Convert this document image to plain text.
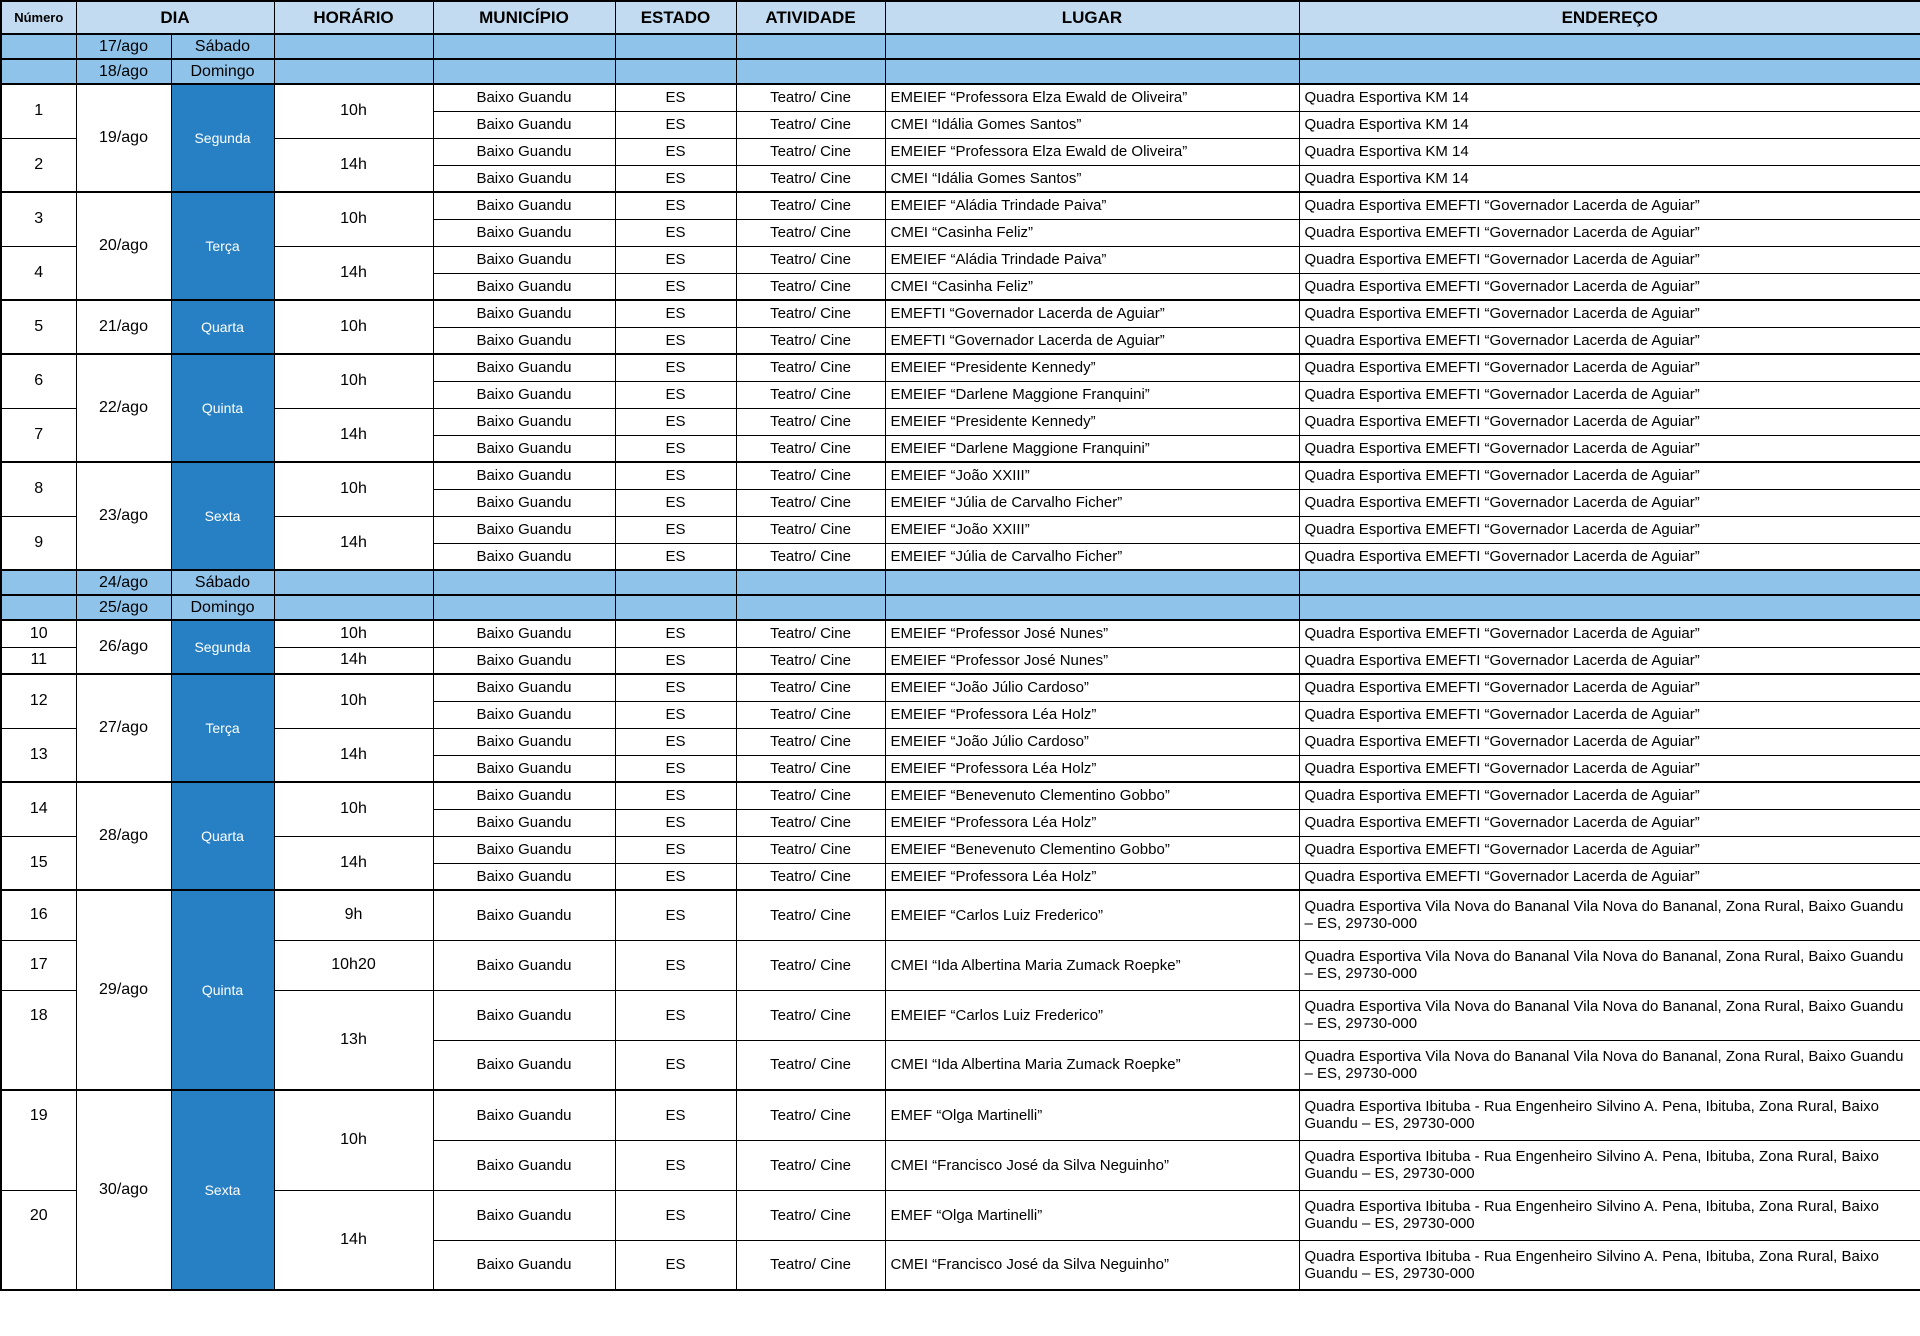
Número	DIA		HORÁRIO	MUNICÍPIO	ESTADO	ATIVIDADE	LUGAR	ENDEREÇO
	17/ago	Sábado						
	18/ago	Domingo						
1	19/ago	Segunda	10h	Baixo Guandu	ES	Teatro/ Cine	EMEIEF “Professora Elza Ewald de Oliveira”	Quadra Esportiva KM 14
				Baixo Guandu	ES	Teatro/ Cine	CMEI “Idália Gomes Santos”	Quadra Esportiva KM 14
2			14h	Baixo Guandu	ES	Teatro/ Cine	EMEIEF “Professora Elza Ewald de Oliveira”	Quadra Esportiva KM 14
				Baixo Guandu	ES	Teatro/ Cine	CMEI “Idália Gomes Santos”	Quadra Esportiva KM 14
3	20/ago	Terça	10h	Baixo Guandu	ES	Teatro/ Cine	EMEIEF “Aládia Trindade Paiva”	Quadra Esportiva EMEFTI “Governador Lacerda de Aguiar”
				Baixo Guandu	ES	Teatro/ Cine	CMEI “Casinha Feliz”	Quadra Esportiva EMEFTI “Governador Lacerda de Aguiar”
4			14h	Baixo Guandu	ES	Teatro/ Cine	EMEIEF “Aládia Trindade Paiva”	Quadra Esportiva EMEFTI “Governador Lacerda de Aguiar”
				Baixo Guandu	ES	Teatro/ Cine	CMEI “Casinha Feliz”	Quadra Esportiva EMEFTI “Governador Lacerda de Aguiar”
5	21/ago	Quarta	10h	Baixo Guandu	ES	Teatro/ Cine	EMEFTI “Governador Lacerda de Aguiar”	Quadra Esportiva EMEFTI “Governador Lacerda de Aguiar”
				Baixo Guandu	ES	Teatro/ Cine	EMEFTI “Governador Lacerda de Aguiar”	Quadra Esportiva EMEFTI “Governador Lacerda de Aguiar”
6	22/ago	Quinta	10h	Baixo Guandu	ES	Teatro/ Cine	EMEIEF “Presidente Kennedy”	Quadra Esportiva EMEFTI “Governador Lacerda de Aguiar”
				Baixo Guandu	ES	Teatro/ Cine	EMEIEF “Darlene Maggione Franquini”	Quadra Esportiva EMEFTI “Governador Lacerda de Aguiar”
7			14h	Baixo Guandu	ES	Teatro/ Cine	EMEIEF “Presidente Kennedy”	Quadra Esportiva EMEFTI “Governador Lacerda de Aguiar”
				Baixo Guandu	ES	Teatro/ Cine	EMEIEF “Darlene Maggione Franquini”	Quadra Esportiva EMEFTI “Governador Lacerda de Aguiar”
8	23/ago	Sexta	10h	Baixo Guandu	ES	Teatro/ Cine	EMEIEF “João XXIII”	Quadra Esportiva EMEFTI “Governador Lacerda de Aguiar”
				Baixo Guandu	ES	Teatro/ Cine	EMEIEF “Júlia de Carvalho Ficher”	Quadra Esportiva EMEFTI “Governador Lacerda de Aguiar”
9			14h	Baixo Guandu	ES	Teatro/ Cine	EMEIEF “João XXIII”	Quadra Esportiva EMEFTI “Governador Lacerda de Aguiar”
				Baixo Guandu	ES	Teatro/ Cine	EMEIEF “Júlia de Carvalho Ficher”	Quadra Esportiva EMEFTI “Governador Lacerda de Aguiar”
	24/ago	Sábado						
	25/ago	Domingo						
10	26/ago	Segunda	10h	Baixo Guandu	ES	Teatro/ Cine	EMEIEF “Professor José Nunes”	Quadra Esportiva EMEFTI “Governador Lacerda de Aguiar”
11			14h	Baixo Guandu	ES	Teatro/ Cine	EMEIEF “Professor José Nunes”	Quadra Esportiva EMEFTI “Governador Lacerda de Aguiar”
12	27/ago	Terça	10h	Baixo Guandu	ES	Teatro/ Cine	EMEIEF “João Júlio Cardoso”	Quadra Esportiva EMEFTI “Governador Lacerda de Aguiar”
				Baixo Guandu	ES	Teatro/ Cine	EMEIEF “Professora Léa Holz”	Quadra Esportiva EMEFTI “Governador Lacerda de Aguiar”
13			14h	Baixo Guandu	ES	Teatro/ Cine	EMEIEF “João Júlio Cardoso”	Quadra Esportiva EMEFTI “Governador Lacerda de Aguiar”
				Baixo Guandu	ES	Teatro/ Cine	EMEIEF “Professora Léa Holz”	Quadra Esportiva EMEFTI “Governador Lacerda de Aguiar”
14	28/ago	Quarta	10h	Baixo Guandu	ES	Teatro/ Cine	EMEIEF “Benevenuto Clementino Gobbo”	Quadra Esportiva EMEFTI “Governador Lacerda de Aguiar”
				Baixo Guandu	ES	Teatro/ Cine	EMEIEF “Professora Léa Holz”	Quadra Esportiva EMEFTI “Governador Lacerda de Aguiar”
15			14h	Baixo Guandu	ES	Teatro/ Cine	EMEIEF “Benevenuto Clementino Gobbo”	Quadra Esportiva EMEFTI “Governador Lacerda de Aguiar”
				Baixo Guandu	ES	Teatro/ Cine	EMEIEF “Professora Léa Holz”	Quadra Esportiva EMEFTI “Governador Lacerda de Aguiar”
16	29/ago	Quinta	9h	Baixo Guandu	ES	Teatro/ Cine	EMEIEF “Carlos Luiz Frederico”	Quadra Esportiva Vila Nova do Bananal Vila Nova do Bananal, Zona Rural, Baixo Guandu – ES, 29730-000
17			10h20	Baixo Guandu	ES	Teatro/ Cine	CMEI “Ida Albertina Maria Zumack Roepke”	Quadra Esportiva Vila Nova do Bananal Vila Nova do Bananal, Zona Rural, Baixo Guandu – ES, 29730-000
18			13h	Baixo Guandu	ES	Teatro/ Cine	EMEIEF “Carlos Luiz Frederico”	Quadra Esportiva Vila Nova do Bananal Vila Nova do Bananal, Zona Rural, Baixo Guandu – ES, 29730-000
				Baixo Guandu	ES	Teatro/ Cine	CMEI “Ida Albertina Maria Zumack Roepke”	Quadra Esportiva Vila Nova do Bananal Vila Nova do Bananal, Zona Rural, Baixo Guandu – ES, 29730-000
19	30/ago	Sexta	10h	Baixo Guandu	ES	Teatro/ Cine	EMEF “Olga Martinelli”	Quadra Esportiva Ibituba - Rua Engenheiro Silvino A. Pena, Ibituba, Zona Rural, Baixo Guandu – ES, 29730-000
				Baixo Guandu	ES	Teatro/ Cine	CMEI “Francisco José da Silva Neguinho”	Quadra Esportiva Ibituba - Rua Engenheiro Silvino A. Pena, Ibituba, Zona Rural, Baixo Guandu – ES, 29730-000
20			14h	Baixo Guandu	ES	Teatro/ Cine	EMEF “Olga Martinelli”	Quadra Esportiva Ibituba - Rua Engenheiro Silvino A. Pena, Ibituba, Zona Rural, Baixo Guandu – ES, 29730-000
				Baixo Guandu	ES	Teatro/ Cine	CMEI “Francisco José da Silva Neguinho”	Quadra Esportiva Ibituba - Rua Engenheiro Silvino A. Pena, Ibituba, Zona Rural, Baixo Guandu – ES, 29730-000
